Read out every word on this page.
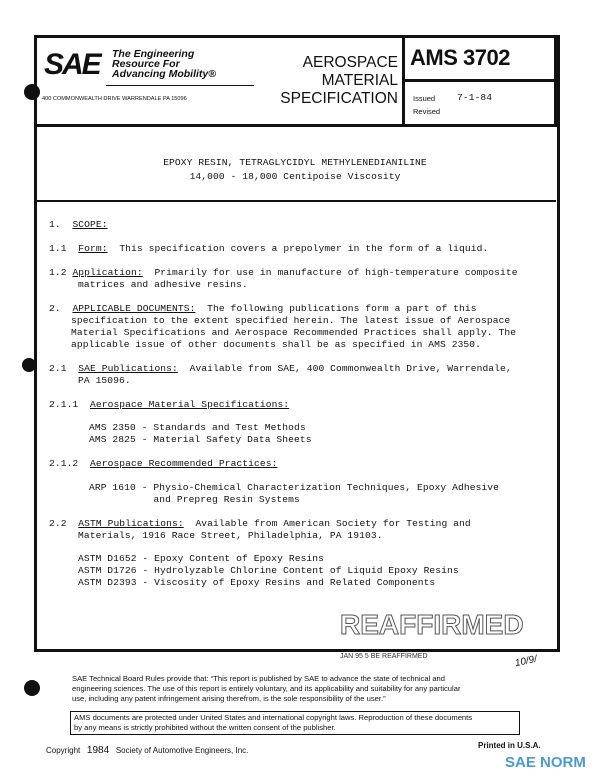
SAE The Engineering
Resource For
Advancing Mobility®
400 COMMONWEALTH DRIVE WARRENDALE PA 15096
AEROSPACE
MATERIAL
SPECIFICATION
AMS 3702
Issued 7-1-84
Revised
EPOXY RESIN, TETRAGLYCIDYL METHYLENEDIANILINE
14,000 - 18,000 Centipoise Viscosity
1. SCOPE:
1.1 Form: This specification covers a prepolymer in the form of a liquid.
1.2 Application: Primarily for use in manufacture of high-temperature composite
matrices and adhesive resins.
2. APPLICABLE DOCUMENTS: The following publications form a part of this
specification to the extent specified herein. The latest issue of Aerospace
Material Specifications and Aerospace Recommended Practices shall apply. The
applicable issue of other documents shall be as specified in AMS 2350.
2.1 SAE Publications: Available from SAE, 400 Commonwealth Drive, Warrendale,
PA 15096.
2.1.1 Aerospace Material Specifications:
AMS 2350 - Standards and Test Methods
AMS 2825 - Material Safety Data Sheets
2.1.2 Aerospace Recommended Practices:
ARP 1610 - Physio-Chemical Characterization Techniques, Epoxy Adhesive
and Prepreg Resin Systems
2.2 ASTM Publications: Available from American Society for Testing and
Materials, 1916 Race Street, Philadelphia, PA 19103.
ASTM D1652 - Epoxy Content of Epoxy Resins
ASTM D1726 - Hydrolyzable Chlorine Content of Liquid Epoxy Resins
ASTM D2393 - Viscosity of Epoxy Resins and Related Components
REAFFIRMED
JAN 95 5 BE REAFFIRMED	10/9/
SAE Technical Board Rules provide that: “This report is published by SAE to advance the state of technical and
engineering sciences. The use of this report is entirely voluntary, and its applicability and suitability for any particular
use, including any patent infringement arising therefrom, is the sole responsibility of the user.”
AMS documents are protected under United States and international copyright laws. Reproduction of these documents
by any means is strictly prohibited without the written consent of the publisher.
Copyright 1984 Society of Automotive Engineers, Inc.
Printed in U.S.A.
SAE NORM
